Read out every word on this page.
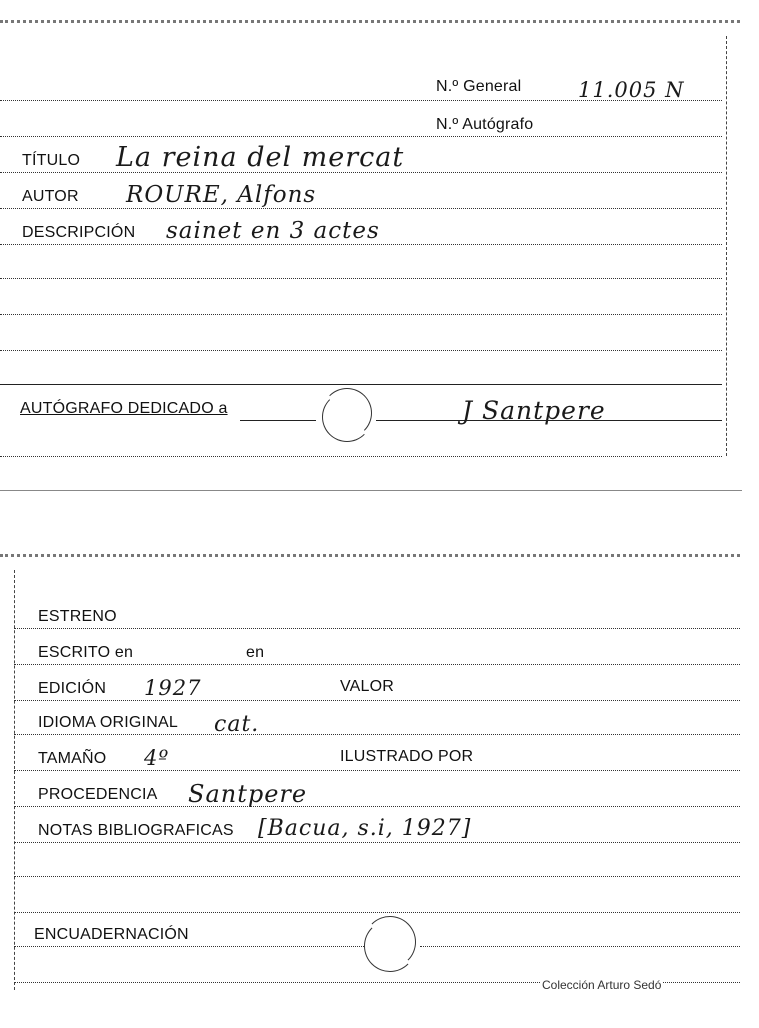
N.º General	11.005 N
N.º Autógrafo
TÍTULO La reina del mercat
AUTOR ROURE, Alfons
DESCRIPCIÓN sainet en 3 actes
AUTÓGRAFO DEDICADO a	J Santpere
ESTRENO
ESCRITO en	en
EDICIÓN 1927	VALOR
IDIOMA ORIGINAL cat.
TAMAÑO 4º	ILUSTRADO POR
PROCEDENCIA Santpere
NOTAS BIBLIOGRAFICAS [Bacua, s.i, 1927]
ENCUADERNACIÓN
Colección Arturo Sedó
